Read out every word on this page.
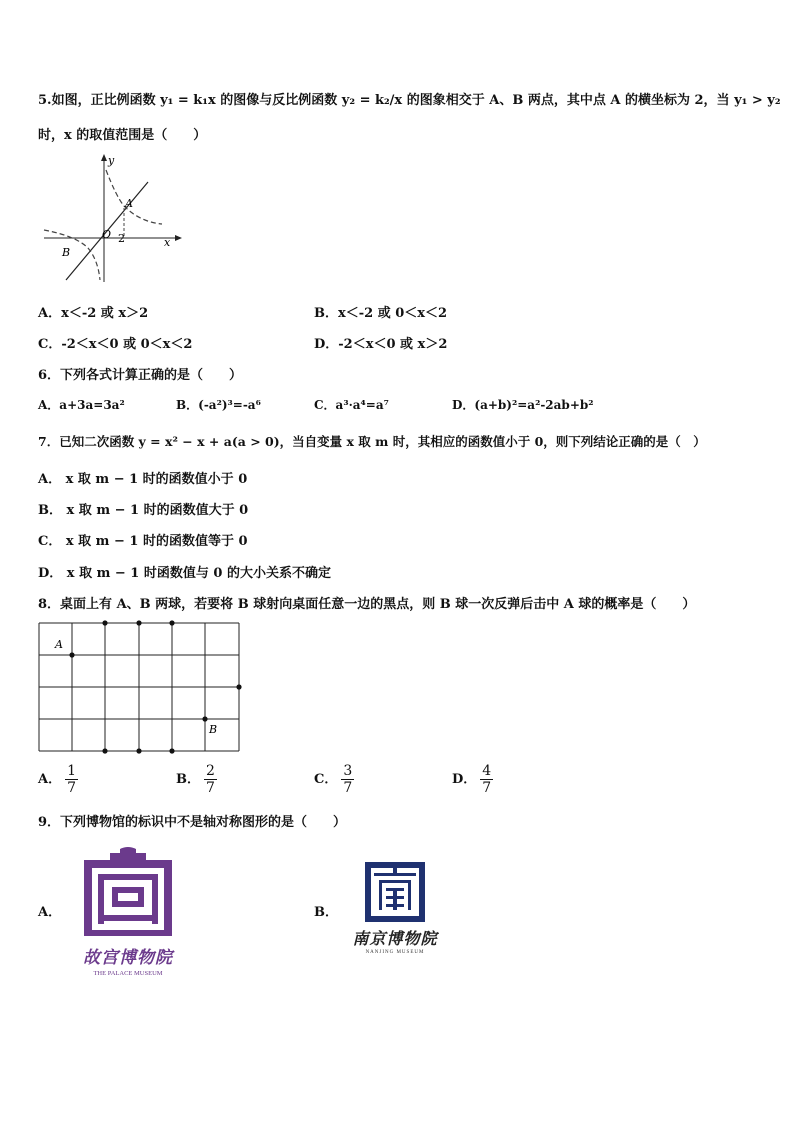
5.如图，正比例函数 y₁ = k₁x 的图像与反比例函数 y₂ = k₂/x 的图象相交于 A、B 两点，其中点 A 的横坐标为 2，当 y₁ > y₂
时，x 的取值范围是（　　）
y
x
O
A
B
2
A．x＜-2 或 x＞2	B．x＜-2 或 0＜x＜2
C．-2＜x＜0 或 0＜x＜2	D．-2＜x＜0 或 x＞2
6．下列各式计算正确的是（　　）
A．a+3a=3a²	B．(-a²)³=-a⁶	C．a³·a⁴=a⁷	D．(a+b)²=a²-2ab+b²
7．已知二次函数 y = x² − x + a(a > 0)，当自变量 x 取 m 时，其相应的函数值小于 0，则下列结论正确的是（　）
A． x 取 m − 1 时的函数值小于 0
B． x 取 m − 1 时的函数值大于 0
C． x 取 m − 1 时的函数值等于 0
D． x 取 m − 1 时函数值与 0 的大小关系不确定
8．桌面上有 A、B 两球，若要将 B 球射向桌面任意一边的黑点，则 B 球一次反弹后击中 A 球的概率是（　　）
A
B
A． $\frac{1}{7}$	B． $\frac{2}{7}$	C． $\frac{3}{7}$	D． $\frac{4}{7}$
9．下列博物馆的标识中不是轴对称图形的是（　　）
A．
故宫博物院
THE PALACE MUSEUM
B．
南京博物院
NANJING MUSEUM
